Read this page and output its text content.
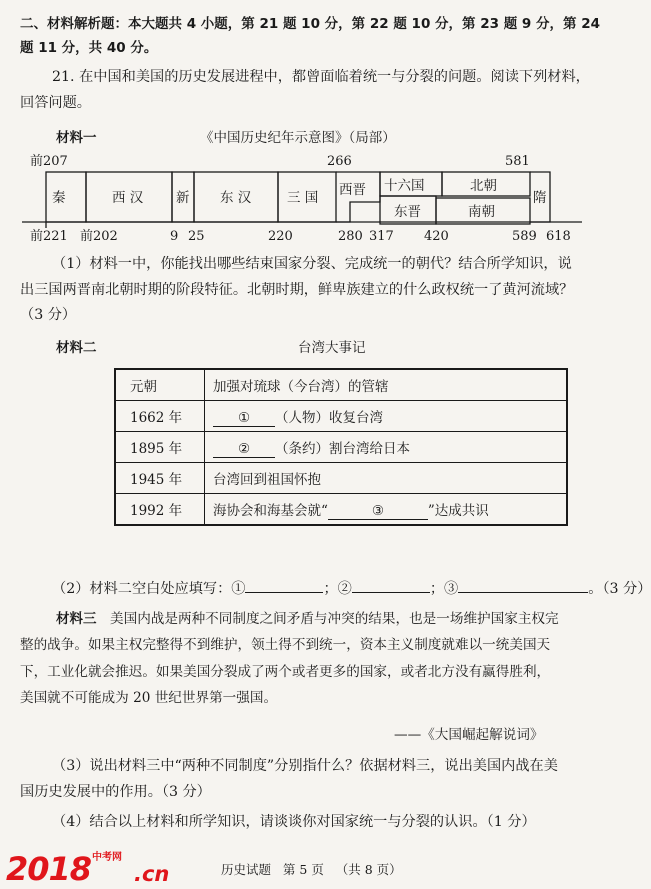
二、材料解析题：本大题共 4 小题，第 21 题 10 分，第 22 题 10 分，第 23 题 9 分，第 24
题 11 分，共 40 分。
21. 在中国和美国的历史发展进程中，都曾面临着统一与分裂的问题。阅读下列材料，
回答问题。
材料一	《中国历史纪年示意图》（局部）
前207	266	581
秦	西 汉 新 东 汉	三 国 西晋 十六国	北朝
东晋	南朝
隋
前221 前202	9 25	220	280 317 420	589 618
（1）材料一中，你能找出哪些结束国家分裂、完成统一的朝代？结合所学知识，说
出三国两晋南北朝时期的阶段特征。北朝时期，鲜卑族建立的什么政权统一了黄河流域？
（3 分）
材料二	台湾大事记
元朝	加强对琉球（今台湾）的管辖
1662 年	① （人物）收复台湾
1895 年	② （条约）割台湾给日本
1945 年	台湾回到祖国怀抱
1992 年	海协会和海基会就“ ③ ”达成共识
（2）材料二空白处应填写：①	；②	；③	。（3 分）
材料三 美国内战是两种不同制度之间矛盾与冲突的结果，也是一场维护国家主权完
整的战争。如果主权完整得不到维护，领土得不到统一，资本主义制度就难以一统美国天
下，工业化就会推迟。如果美国分裂成了两个或者更多的国家，或者北方没有赢得胜利，
美国就不可能成为 20 世纪世界第一强国。
——《大国崛起解说词》
（3）说出材料三中“两种不同制度”分别指什么？依据材料三，说出美国内战在美
国历史发展中的作用。（3 分）
（4）结合以上材料和所学知识，请谈谈你对国家统一与分裂的认识。（1 分）
2018 中考网
.cn	历史试题   第 5 页   （共 8 页）
